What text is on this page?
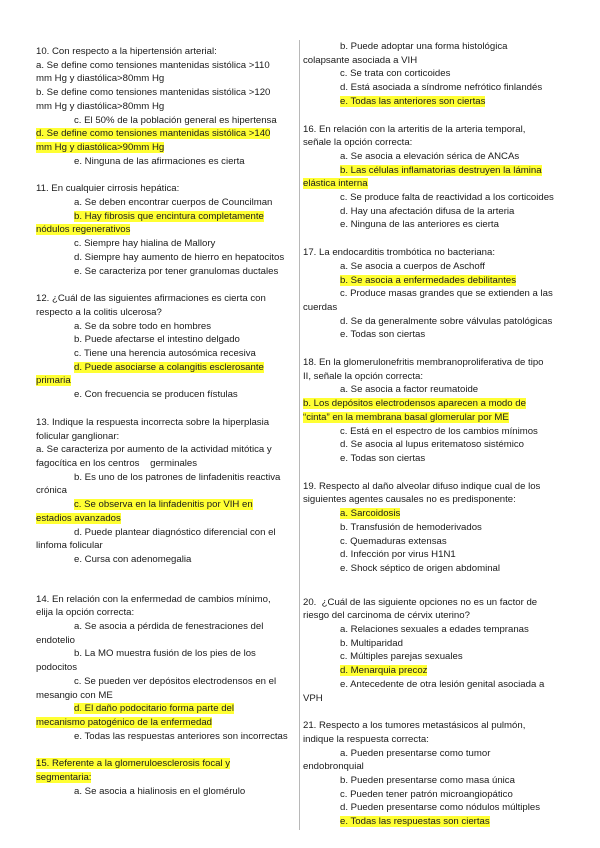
10. Con respecto a la hipertensión arterial:
a. Se define como tensiones mantenidas sistólica >110
mm Hg y diastólica>80mm Hg
b. Se define como tensiones mantenidas sistólica >120
mm Hg y diastólica>80mm Hg
c. El 50% de la población general es hipertensa
d. Se define como tensiones mantenidas sistólica >140
mm Hg y diastólica>90mm Hg
e. Ninguna de las afirmaciones es cierta
11. En cualquier cirrosis hepática:
a. Se deben encontrar cuerpos de Councilman
b. Hay fibrosis que encintura completamente
nódulos regenerativos
c. Siempre hay hialina de Mallory
d. Siempre hay aumento de hierro en hepatocitos
e. Se caracteriza por tener granulomas ductales
12. ¿Cuál de las siguientes afirmaciones es cierta con
respecto a la colitis ulcerosa?
a. Se da sobre todo en hombres
b. Puede afectarse el intestino delgado
c. Tiene una herencia autosómica recesiva
d. Puede asociarse a colangitis esclerosante
primaria
e. Con frecuencia se producen fístulas
13. Indique la respuesta incorrecta sobre la hiperplasia
folicular ganglionar:
a. Se caracteriza por aumento de la actividad mitótica y
fagocítica en los centros    germinales
b. Es uno de los patrones de linfadenitis reactiva
crónica
c. Se observa en la linfadenitis por VIH en
estadios avanzados
d. Puede plantear diagnóstico diferencial con el
linfoma folicular
e. Cursa con adenomegalia
14. En relación con la enfermedad de cambios mínimo,
elija la opción correcta:
a. Se asocia a pérdida de fenestraciones del
endotelio
b. La MO muestra fusión de los pies de los
podocitos
c. Se pueden ver depósitos electrodensos en el
mesangio con ME
d. El daño podocitario forma parte del
mecanismo patogénico de la enfermedad
e. Todas las respuestas anteriores son incorrectas
15. Referente a la glomeruloesclerosis focal y
segmentaria:
a. Se asocia a hialinosis en el glomérulo
b. Puede adoptar una forma histológica
colapsante asociada a VIH
c. Se trata con corticoides
d. Está asociada a síndrome nefrótico finlandés
e. Todas las anteriores son ciertas
16. En relación con la arteritis de la arteria temporal,
señale la opción correcta:
a. Se asocia a elevación sérica de ANCAs
b. Las células inflamatorias destruyen la lámina
elástica interna
c. Se produce falta de reactividad a los corticoides
d. Hay una afectación difusa de la arteria
e. Ninguna de las anteriores es cierta
17. La endocarditis trombótica no bacteriana:
a. Se asocia a cuerpos de Aschoff
b. Se asocia a enfermedades debilitantes
c. Produce masas grandes que se extienden a las
cuerdas
d. Se da generalmente sobre válvulas patológicas
e. Todas son ciertas
18. En la glomerulonefritis membranoproliferativa de tipo
II, señale la opción correcta:
a. Se asocia a factor reumatoide
b. Los depósitos electrodensos aparecen a modo de
“cinta” en la membrana basal glomerular por ME
c. Está en el espectro de los cambios mínimos
d. Se asocia al lupus eritematoso sistémico
e. Todas son ciertas
19. Respecto al daño alveolar difuso indique cual de los
siguientes agentes causales no es predisponente:
a. Sarcoidosis
b. Transfusión de hemoderivados
c. Quemaduras extensas
d. Infección por virus H1N1
e. Shock séptico de origen abdominal
20.  ¿Cuál de las siguiente opciones no es un factor de
riesgo del carcinoma de cérvix uterino?
a. Relaciones sexuales a edades tempranas
b. Multiparidad
c. Múltiples parejas sexuales
d. Menarquia precoz
e. Antecedente de otra lesión genital asociada a
VPH
21. Respecto a los tumores metastásicos al pulmón,
indique la respuesta correcta:
a. Pueden presentarse como tumor
endobronquial
b. Pueden presentarse como masa única
c. Pueden tener patrón microangiopático
d. Pueden presentarse como nódulos múltiples
e. Todas las respuestas son ciertas
